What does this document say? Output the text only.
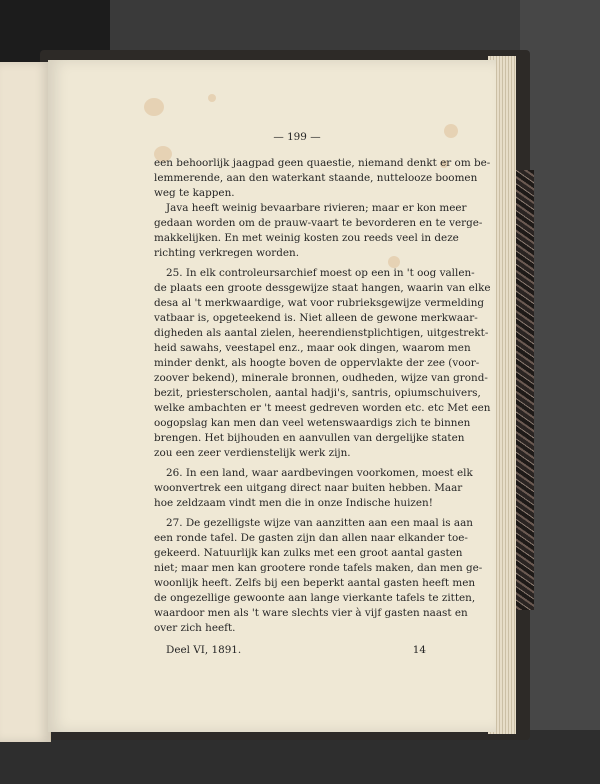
— 199 —
een behoorlijk jaagpad geen quaestie, niemand denkt er om be-
lemmerende, aan den waterkant staande, nuttelooze boomen
weg te kappen.
Java heeft weinig bevaarbare rivieren; maar er kon meer
gedaan worden om de prauw-vaart te bevorderen en te verge-
makkelijken. En met weinig kosten zou reeds veel in deze
richting verkregen worden.
25. In elk controleursarchief moest op een in 't oog vallen-
de plaats een groote dessgewijze staat hangen, waarin van elke
desa al 't merkwaardige, wat voor rubrieksgewijze vermelding
vatbaar is, opgeteekend is. Niet alleen de gewone merkwaar-
digheden als aantal zielen, heerendienstplichtigen, uitgestrekt-
heid sawahs, veestapel enz., maar ook dingen, waarom men
minder denkt, als hoogte boven de oppervlakte der zee (voor-
zoover bekend), minerale bronnen, oudheden, wijze van grond-
bezit, priesterscholen, aantal hadji's, santris, opiumschuivers,
welke ambachten er 't meest gedreven worden etc. etc Met een
oogopslag kan men dan veel wetenswaardigs zich te binnen
brengen. Het bijhouden en aanvullen van dergelijke staten
zou een zeer verdienstelijk werk zijn.
26. In een land, waar aardbevingen voorkomen, moest elk
woonvertrek een uitgang direct naar buiten hebben. Maar
hoe zeldzaam vindt men die in onze Indische huizen!
27. De gezelligste wijze van aanzitten aan een maal is aan
een ronde tafel. De gasten zijn dan allen naar elkander toe-
gekeerd. Natuurlijk kan zulks met een groot aantal gasten
niet; maar men kan grootere ronde tafels maken, dan men ge-
woonlijk heeft. Zelfs bij een beperkt aantal gasten heeft men
de ongezellige gewoonte aan lange vierkante tafels te zitten,
waardoor men als 't ware slechts vier à vijf gasten naast en
over zich heeft.
Deel VI, 1891.	14
